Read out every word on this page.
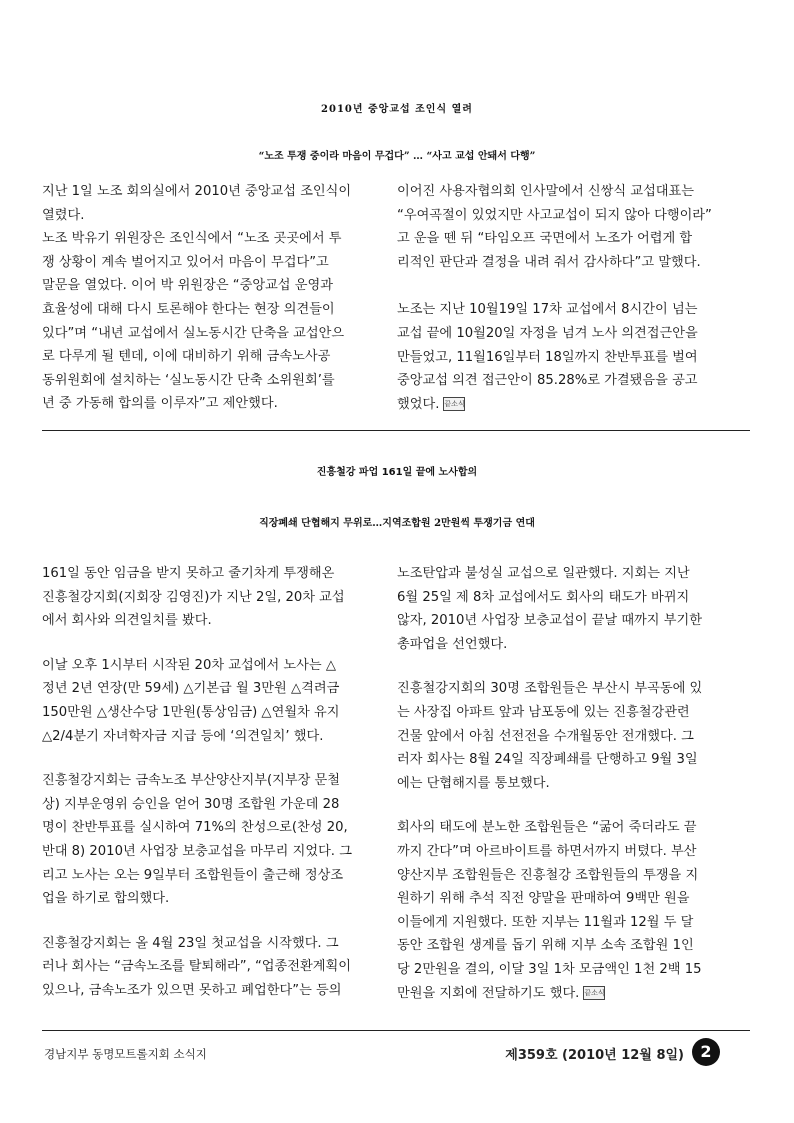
2010년 중앙교섭 조인식 열려
“노조 투쟁 중이라 마음이 무겁다” … “사고 교섭 안돼서 다행”

지난 1일 노조 회의실에서 2010년 중앙교섭 조인식이
열렸다.
노조 박유기 위원장은 조인식에서 “노조 곳곳에서 투
쟁 상황이 계속 벌어지고 있어서 마음이 무겁다”고
말문을 열었다. 이어 박 위원장은 “중앙교섭 운영과
효율성에 대해 다시 토론해야 한다는 현장 의견들이
있다”며 “내년 교섭에서 실노동시간 단축을 교섭안으
로 다루게 될 텐데, 이에 대비하기 위해 금속노사공
동위원회에 설치하는 ‘실노동시간 단축 소위원회’를
년 중 가동해 합의를 이루자”고 제안했다.

이어진 사용자협의회 인사말에서 신쌍식 교섭대표는
“우여곡절이 있었지만 사고교섭이 되지 않아 다행이라”
고 운을 뗀 뒤 “타임오프 국면에서 노조가 어렵게 합
리적인 판단과 결정을 내려 줘서 감사하다”고 말했다.

노조는 지난 10월19일 17차 교섭에서 8시간이 넘는
교섭 끝에 10월20일 자정을 넘겨 노사 의견접근안을
만들었고, 11월16일부터 18일까지 찬반투표를 벌여
중앙교섭 의견 접근안이 85.28%로 가결됐음을 공고
했었다. 끝소식

진흥철강 파업 161일 끝에 노사합의
직장폐쇄 단협해지 무위로…지역조합원 2만원씩 투쟁기금 연대

161일 동안 임금을 받지 못하고 줄기차게 투쟁해온
진흥철강지회(지회장 김영진)가 지난 2일, 20차 교섭
에서 회사와 의견일치를 봤다.

이날 오후 1시부터 시작된 20차 교섭에서 노사는 △
정년 2년 연장(만 59세) △기본급 월 3만원 △격려금
150만원 △생산수당 1만원(통상임금) △연월차 유지
△2/4분기 자녀학자금 지급 등에 ‘의견일치’ 했다.

진흥철강지회는 금속노조 부산양산지부(지부장 문철
상) 지부운영위 승인을 얻어 30명 조합원 가운데 28
명이 찬반투표를 실시하여 71%의 찬성으로(찬성 20,
반대 8) 2010년 사업장 보충교섭을 마무리 지었다. 그
리고 노사는 오는 9일부터 조합원들이 출근해 정상조
업을 하기로 합의했다.

진흥철강지회는 올 4월 23일 첫교섭을 시작했다. 그
러나 회사는 “금속노조를 탈퇴해라”, “업종전환계획이
있으나, 금속노조가 있으면 못하고 폐업한다”는 등의

노조탄압과 불성실 교섭으로 일관했다. 지회는 지난
6월 25일 제 8차 교섭에서도 회사의 태도가 바뀌지
않자, 2010년 사업장 보충교섭이 끝날 때까지 부기한
총파업을 선언했다.

진흥철강지회의 30명 조합원들은 부산시 부곡동에 있
는 사장집 아파트 앞과 남포동에 있는 진흥철강관련
건물 앞에서 아침 선전전을 수개월동안 전개했다. 그
러자 회사는 8월 24일 직장폐쇄를 단행하고 9월 3일
에는 단협해지를 통보했다.

회사의 태도에 분노한 조합원들은 “굶어 죽더라도 끝
까지 간다”며 아르바이트를 하면서까지 버텼다. 부산
양산지부 조합원들은 진흥철강 조합원들의 투쟁을 지
원하기 위해 추석 직전 양말을 판매하여 9백만 원을
이들에게 지원했다. 또한 지부는 11월과 12월 두 달
동안 조합원 생계를 돕기 위해 지부 소속 조합원 1인
당 2만원을 결의, 이달 3일 1차 모금액인 1천 2백 15
만원을 지회에 전달하기도 했다. 끝소식

경남지부 동명모트롤지회 소식지	제359호 (2010년 12월 8일)	2
